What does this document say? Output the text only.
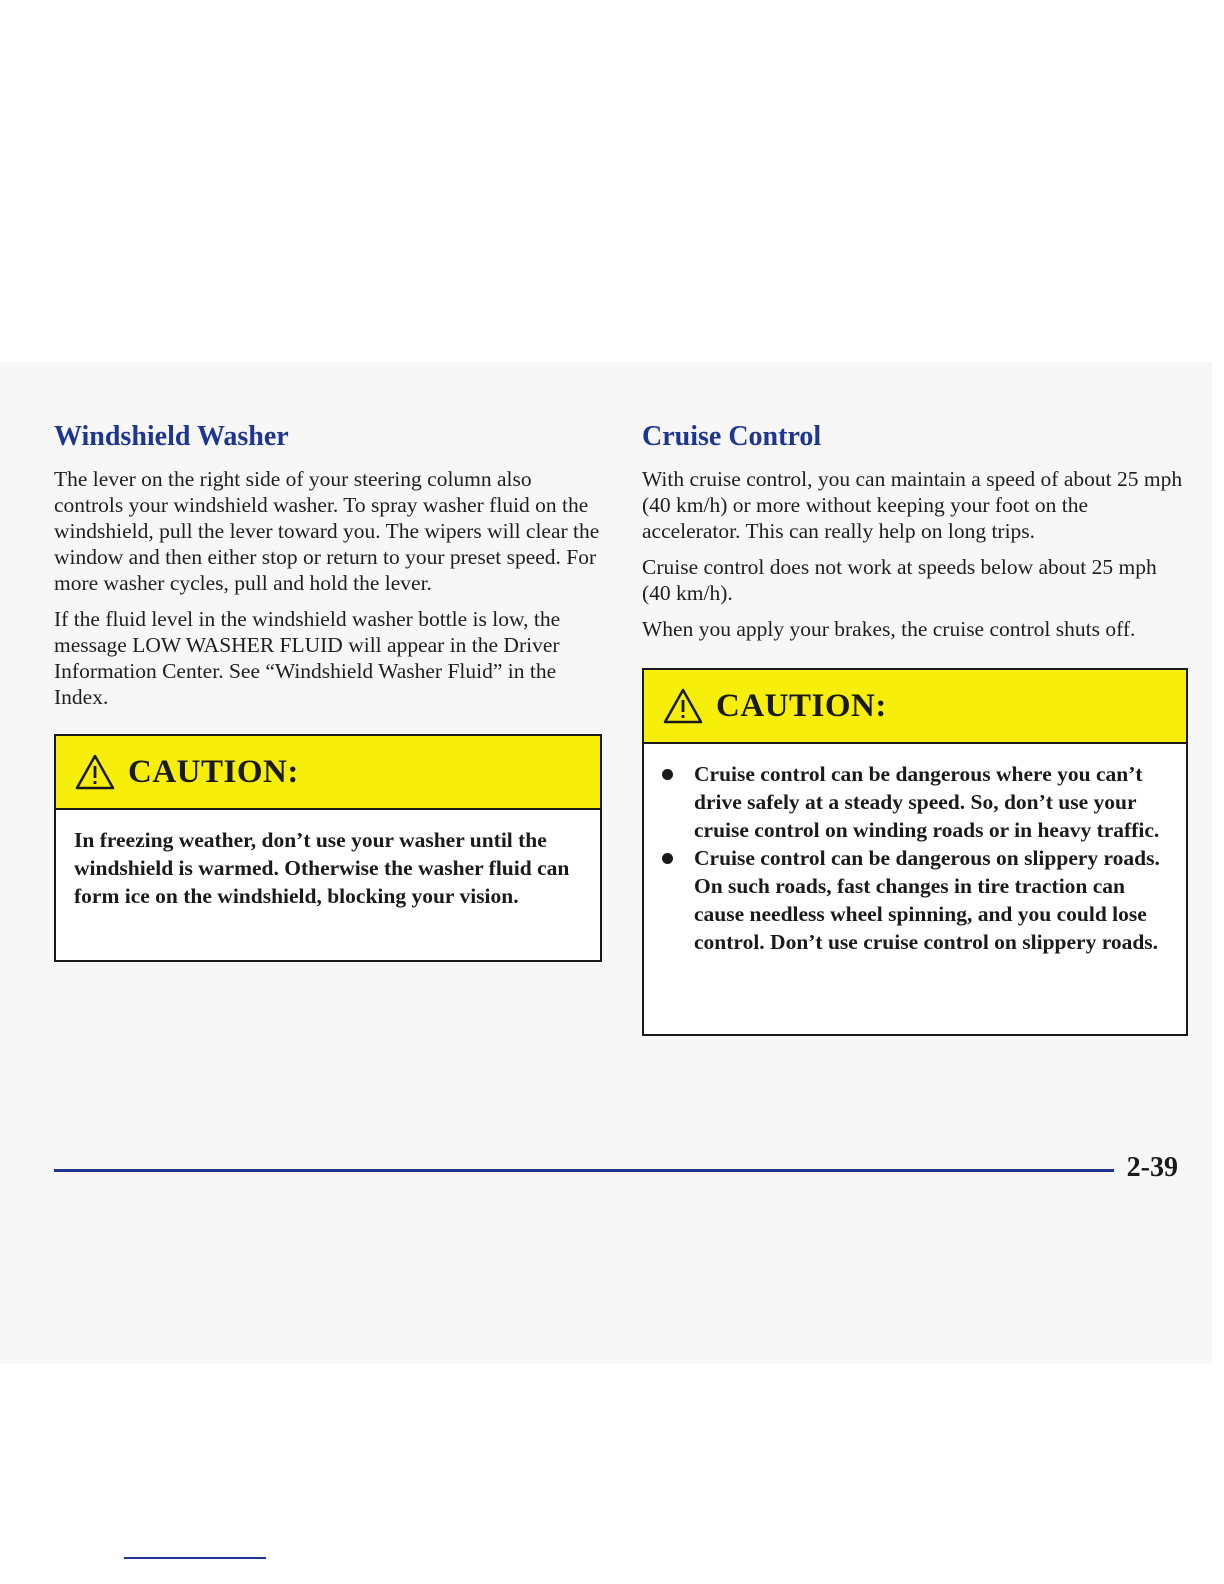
Windshield Washer

The lever on the right side of your steering column also controls your windshield washer. To spray washer fluid on the windshield, pull the lever toward you. The wipers will clear the window and then either stop or return to your preset speed. For more washer cycles, pull and hold the lever.

If the fluid level in the windshield washer bottle is low, the message LOW WASHER FLUID will appear in the Driver Information Center. See “Windshield Washer Fluid” in the Index.

CAUTION:
In freezing weather, don’t use your washer until the windshield is warmed. Otherwise the washer fluid can form ice on the windshield, blocking your vision.
Cruise Control

With cruise control, you can maintain a speed of about 25 mph (40 km/h) or more without keeping your foot on the accelerator. This can really help on long trips.

Cruise control does not work at speeds below about 25 mph (40 km/h).

When you apply your brakes, the cruise control shuts off.

CAUTION:
Cruise control can be dangerous where you can’t drive safely at a steady speed. So, don’t use your cruise control on winding roads or in heavy traffic.
Cruise control can be dangerous on slippery roads. On such roads, fast changes in tire traction can cause needless wheel spinning, and you could lose control. Don’t use cruise control on slippery roads.
2-39
